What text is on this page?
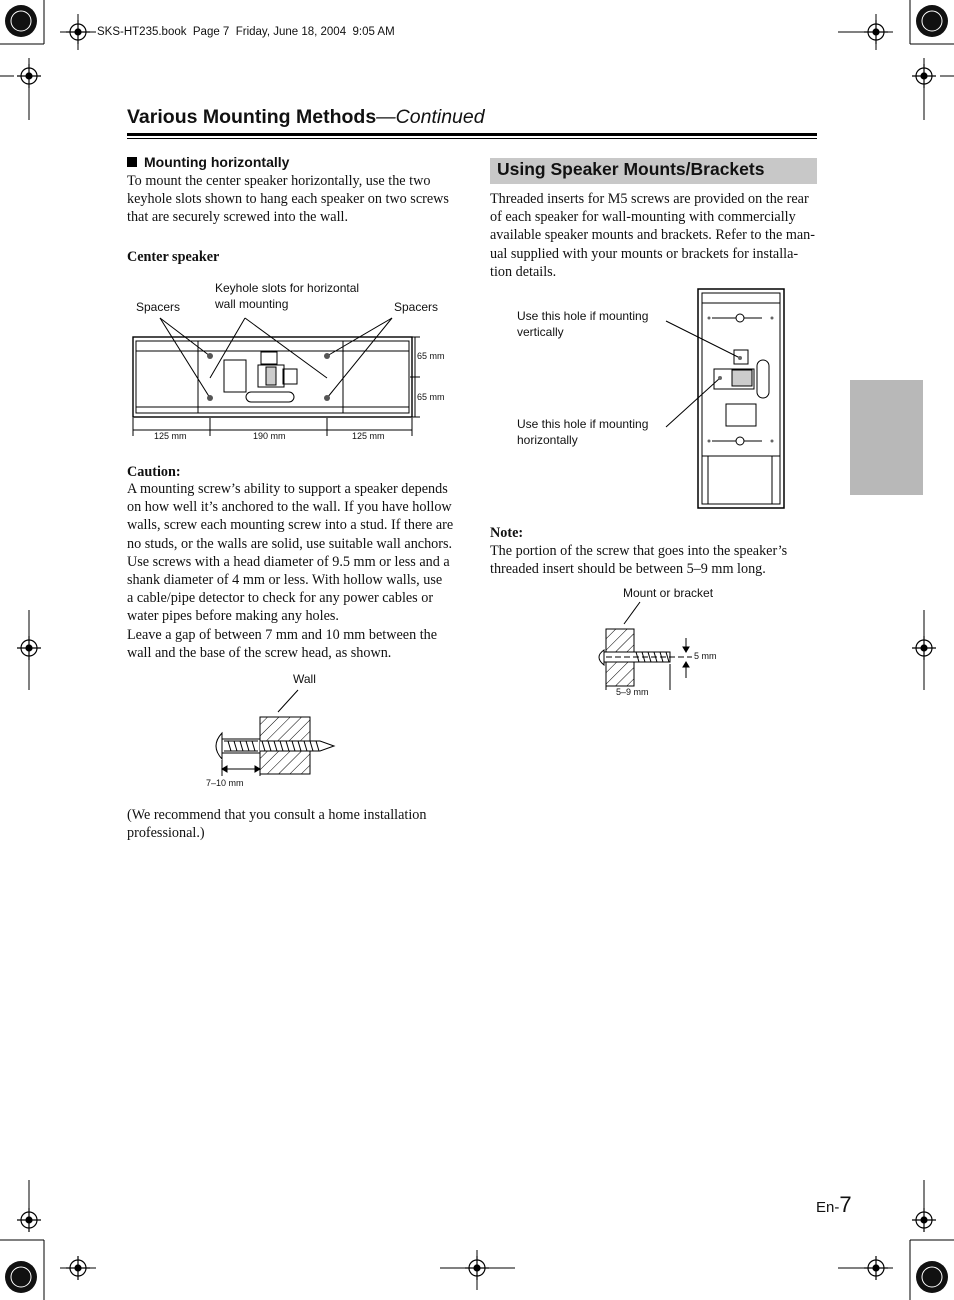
SKS-HT235.book  Page 7  Friday, June 18, 2004  9:05 AM
Various Mounting Methods—Continued
Mounting horizontally
To mount the center speaker horizontally, use the two
keyhole slots shown to hang each speaker on two screws
that are securely screwed into the wall.
Center speaker
Spacers
Keyhole slots for horizontal
wall mounting	Spacers
65 mm
65 mm
125 mm	190 mm	125 mm
Caution:
A mounting screw’s ability to support a speaker depends
on how well it’s anchored to the wall. If you have hollow
walls, screw each mounting screw into a stud. If there are
no studs, or the walls are solid, use suitable wall anchors.
Use screws with a head diameter of 9.5 mm or less and a
shank diameter of 4 mm or less. With hollow walls, use
a cable/pipe detector to check for any power cables or
water pipes before making any holes.
Leave a gap of between 7 mm and 10 mm between the
wall and the base of the screw head, as shown.
Wall
7–10 mm
(We recommend that you consult a home installation
professional.)
Using Speaker Mounts/Brackets
Threaded inserts for M5 screws are provided on the rear
of each speaker for wall-mounting with commercially
available speaker mounts and brackets. Refer to the man-
ual supplied with your mounts or brackets for installa-
tion details.
Use this hole if mounting
vertically
Use this hole if mounting
horizontally
Note:
The portion of the screw that goes into the speaker’s
threaded insert should be between 5–9 mm long.
Mount or bracket
5 mm
5–9 mm
En-7
